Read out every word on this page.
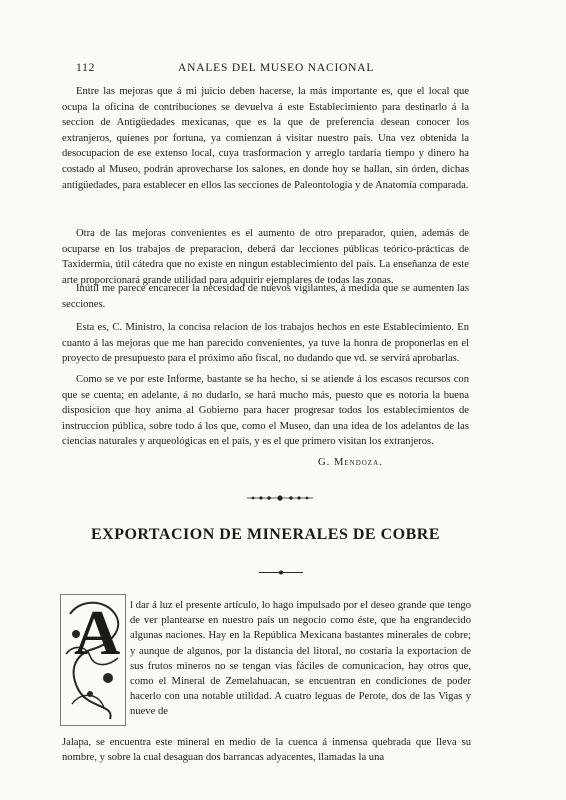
112	ANALES DEL MUSEO NACIONAL

Entre las mejoras que á mi juicio deben hacerse, la más importante es, que el local que ocupa la oficina de contribuciones se devuelva á este Establecimiento para destinarlo á la seccion de Antigüedades mexicanas, que es la que de preferencia desean conocer los extranjeros, quienes por fortuna, ya comienzan á visitar nuestro país. Una vez obtenida la desocupacion de ese extenso local, cuya trasformacion y arreglo tardaría tiempo y dinero ha costado al Museo, podrán aprovecharse los salones, en donde hoy se hallan, sin órden, dichas antigüedades, para establecer en ellos las secciones de Paleontología y de Anatomía comparada.

Otra de las mejoras convenientes es el aumento de otro preparador, quien, además de ocuparse en los trabajos de preparacion, deberá dar lecciones públicas teórico-prácticas de Taxidermia, útil cátedra que no existe en ningun establecimiento del país. La enseñanza de este arte proporcionará grande utilidad para adquirir ejemplares de todas las zonas.

Inútil me parece encarecer la necesidad de nuevos vigilantes, á medida que se aumenten las secciones.

Esta es, C. Ministro, la concisa relacion de los trabajos hechos en este Establecimiento. En cuanto á las mejoras que me han parecido convenientes, ya tuve la honra de proponerlas en el proyecto de presupuesto para el próximo año fiscal, no dudando que vd. se servirá aprobarlas.

Como se ve por este Informe, bastante se ha hecho, si se atiende á los escasos recursos con que se cuenta; en adelante, á no dudarlo, se hará mucho más, puesto que es notoria la buena disposicion que hoy anima al Gobierno para hacer progresar todos los establecimientos de instruccion pública, sobre todo á los que, como el Museo, dan una idea de los adelantos de las ciencias naturales y arqueológicas en el país, y es el que primero visitan los extranjeros.

G. Mendoza.
EXPORTACION DE MINERALES DE COBRE
A l dar á luz el presente artículo, lo hago impulsado por el deseo grande que tengo de ver plantearse en nuestro país un negocio como éste, que ha engrandecido algunas naciones. Hay en la República Mexicana bastantes minerales de cobre; y aunque de algunos, por la distancia del litoral, no costaría la exportacion de sus frutos mineros no se tengan vías fáciles de comunicacion, hay otros que, como el Mineral de Zemelahuacan, se encuentran en condiciones de poder hacerlo con una notable utilidad. A cuatro leguas de Perote, dos de las Vigas y nueve de

Jalapa, se encuentra este mineral en medio de la cuenca á inmensa quebrada que lleva su nombre, y sobre la cual desaguan dos barrancas adyacentes, llamadas la una
